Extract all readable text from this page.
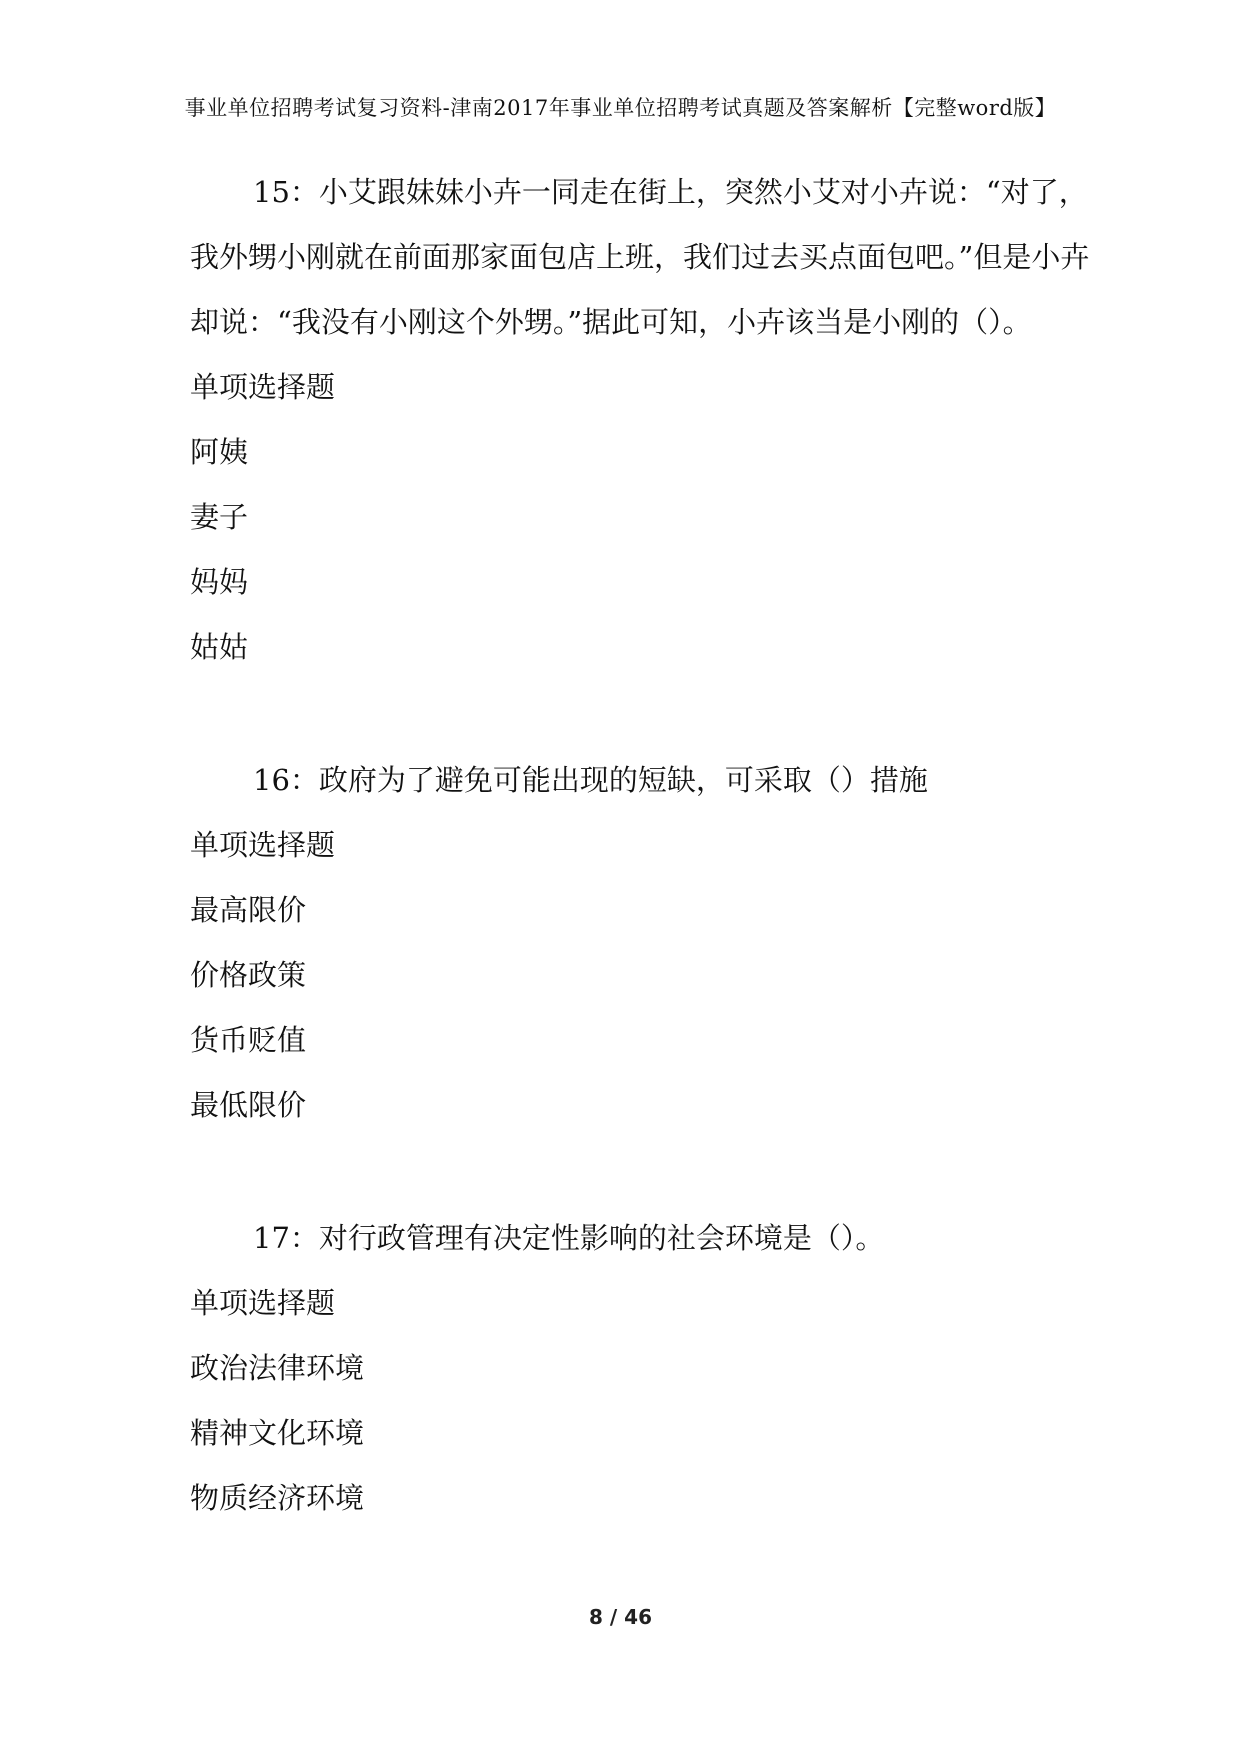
事业单位招聘考试复习资料-津南2017年事业单位招聘考试真题及答案解析【完整word版】

15：小艾跟妹妹小卉一同走在街上，突然小艾对小卉说：“对了，我外甥小刚就在前面那家面包店上班，我们过去买点面包吧。”但是小卉却说：“我没有小刚这个外甥。”据此可知，小卉该当是小刚的（）。

单项选择题

阿姨

妻子

妈妈

姑姑

16：政府为了避免可能出现的短缺，可采取（）措施

单项选择题

最高限价

价格政策

货币贬值

最低限价

17：对行政管理有决定性影响的社会环境是（）。

单项选择题

政治法律环境

精神文化环境

物质经济环境

8 / 46
